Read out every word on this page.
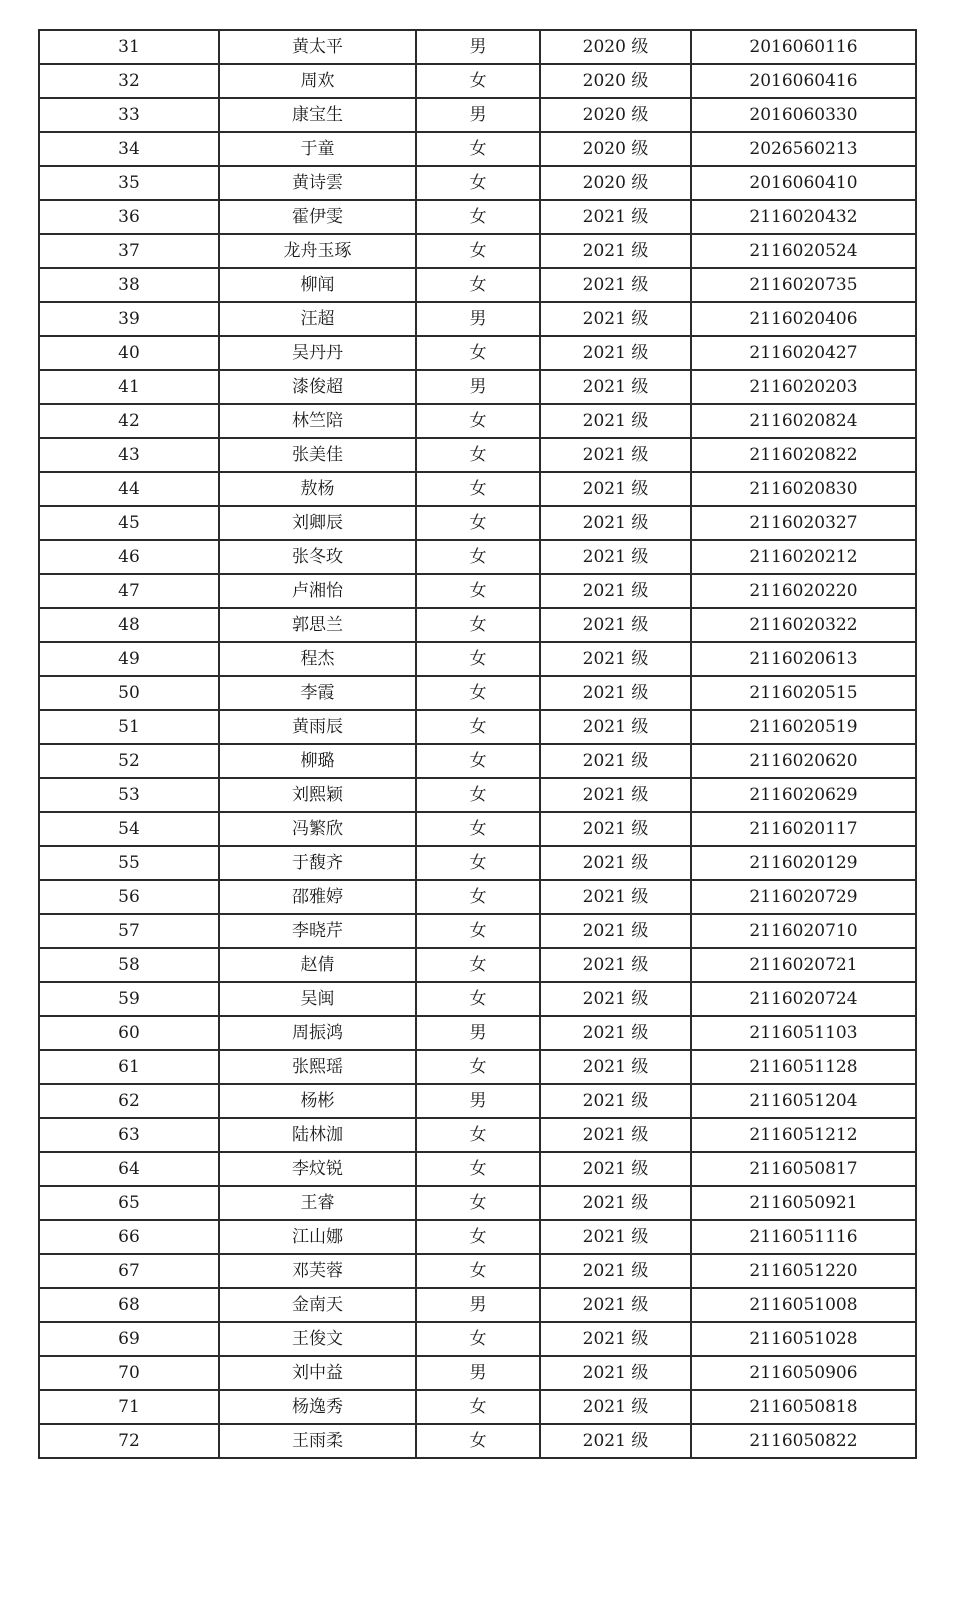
31	黄太平	男	2020 级	2016060116
32	周欢	女	2020 级	2016060416
33	康宝生	男	2020 级	2016060330
34	于童	女	2020 级	2026560213
35	黄诗雲	女	2020 级	2016060410
36	霍伊雯	女	2021 级	2116020432
37	龙舟玉琢	女	2021 级	2116020524
38	柳闻	女	2021 级	2116020735
39	汪超	男	2021 级	2116020406
40	吴丹丹	女	2021 级	2116020427
41	漆俊超	男	2021 级	2116020203
42	林竺陪	女	2021 级	2116020824
43	张美佳	女	2021 级	2116020822
44	敖杨	女	2021 级	2116020830
45	刘卿辰	女	2021 级	2116020327
46	张冬玫	女	2021 级	2116020212
47	卢湘怡	女	2021 级	2116020220
48	郭思兰	女	2021 级	2116020322
49	程杰	女	2021 级	2116020613
50	李霞	女	2021 级	2116020515
51	黄雨辰	女	2021 级	2116020519
52	柳璐	女	2021 级	2116020620
53	刘熙颖	女	2021 级	2116020629
54	冯繁欣	女	2021 级	2116020117
55	于馥齐	女	2021 级	2116020129
56	邵雅婷	女	2021 级	2116020729
57	李晓芹	女	2021 级	2116020710
58	赵倩	女	2021 级	2116020721
59	吴闽	女	2021 级	2116020724
60	周振鸿	男	2021 级	2116051103
61	张熙瑶	女	2021 级	2116051128
62	杨彬	男	2021 级	2116051204
63	陆林泇	女	2021 级	2116051212
64	李炆锐	女	2021 级	2116050817
65	王睿	女	2021 级	2116050921
66	江山娜	女	2021 级	2116051116
67	邓芙蓉	女	2021 级	2116051220
68	金南天	男	2021 级	2116051008
69	王俊文	女	2021 级	2116051028
70	刘中益	男	2021 级	2116050906
71	杨逸秀	女	2021 级	2116050818
72	王雨柔	女	2021 级	2116050822
